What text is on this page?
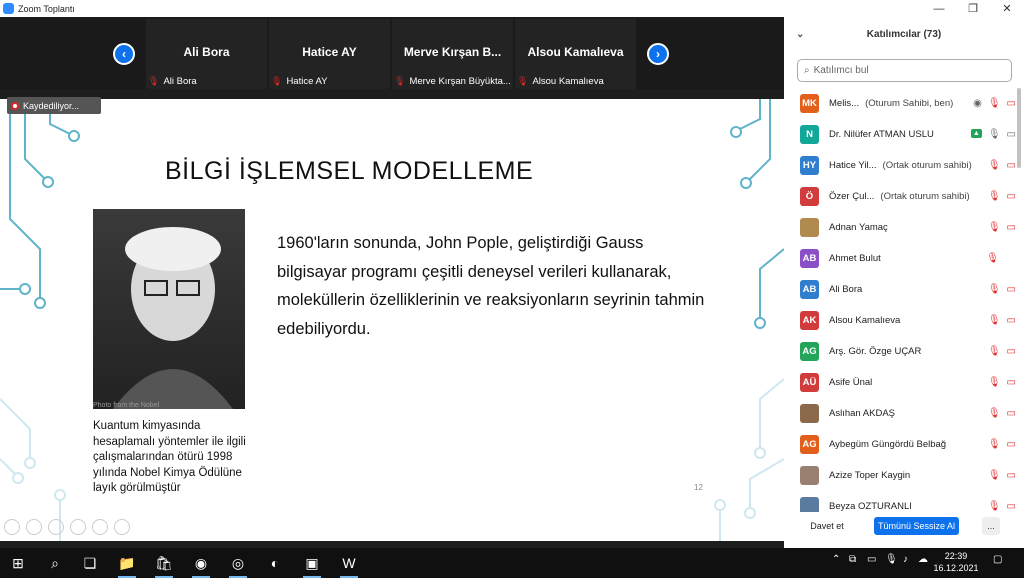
Zoom Toplantı	—	❐	✕
‹	Ali Bora
🎙 Ali Bora
Hatice AY
🎙 Hatice AY
Merve Kırşan B...
🎙 Merve Kırşan Büyükta...
Alsou Kamalıeva
🎙 Alsou Kamalıeva
›
BİLGİ İŞLEMSEL MODELLEME
Photo from the Nobel
Kuantum kimyasında hesaplamalı yöntemler ile ilgili çalışmalarından ötürü 1998 yılında Nobel Kimya Ödülüne layık görülmüştür
1960'ların sonunda, John Pople, geliştirdiği Gauss bilgisayar programı çeşitli deneysel verileri kullanarak, moleküllerin özelliklerinin ve reaksiyonların seyrinin tahmin edebiliyordu.
12
Kaydediliyor...
⌄	Katılımcılar (73)
⌕ Katılımcı bul
MK Melis... (Oturum Sahibi, ben) ◉ 🎙 ▭
N	Dr. Nilüfer ATMAN USLU	▲ 🎙 ▭
HY	Hatice Yil... (Ortak oturum sahibi) 🎙 ▭
Ö	Özer Çul... (Ortak oturum sahibi) 🎙 ▭
Adnan Yamaç	🎙 ▭
AB Ahmet Bulut	🎙
AB Ali Bora	🎙 ▭
AK Alsou Kamalıeva	🎙 ▭
AG Arş. Gör. Özge UÇAR	🎙 ▭
AÜ Asife Ünal	🎙 ▭
Aslıhan AKDAŞ	🎙 ▭
AG Aybegüm Güngördü Belbağ	🎙 ▭
Azize Toper Kaygin	🎙 ▭
Beyza OZTURANLI	🎙 ▭
Davet et	Tümünü Sessize Al	...
⊞	⌕	❏	📁	🛍	◉	◎	◐	▣	W	⌃ ⧉ ▭ 🎙 ♪ ☁	22:39
16.12.2021
▢
